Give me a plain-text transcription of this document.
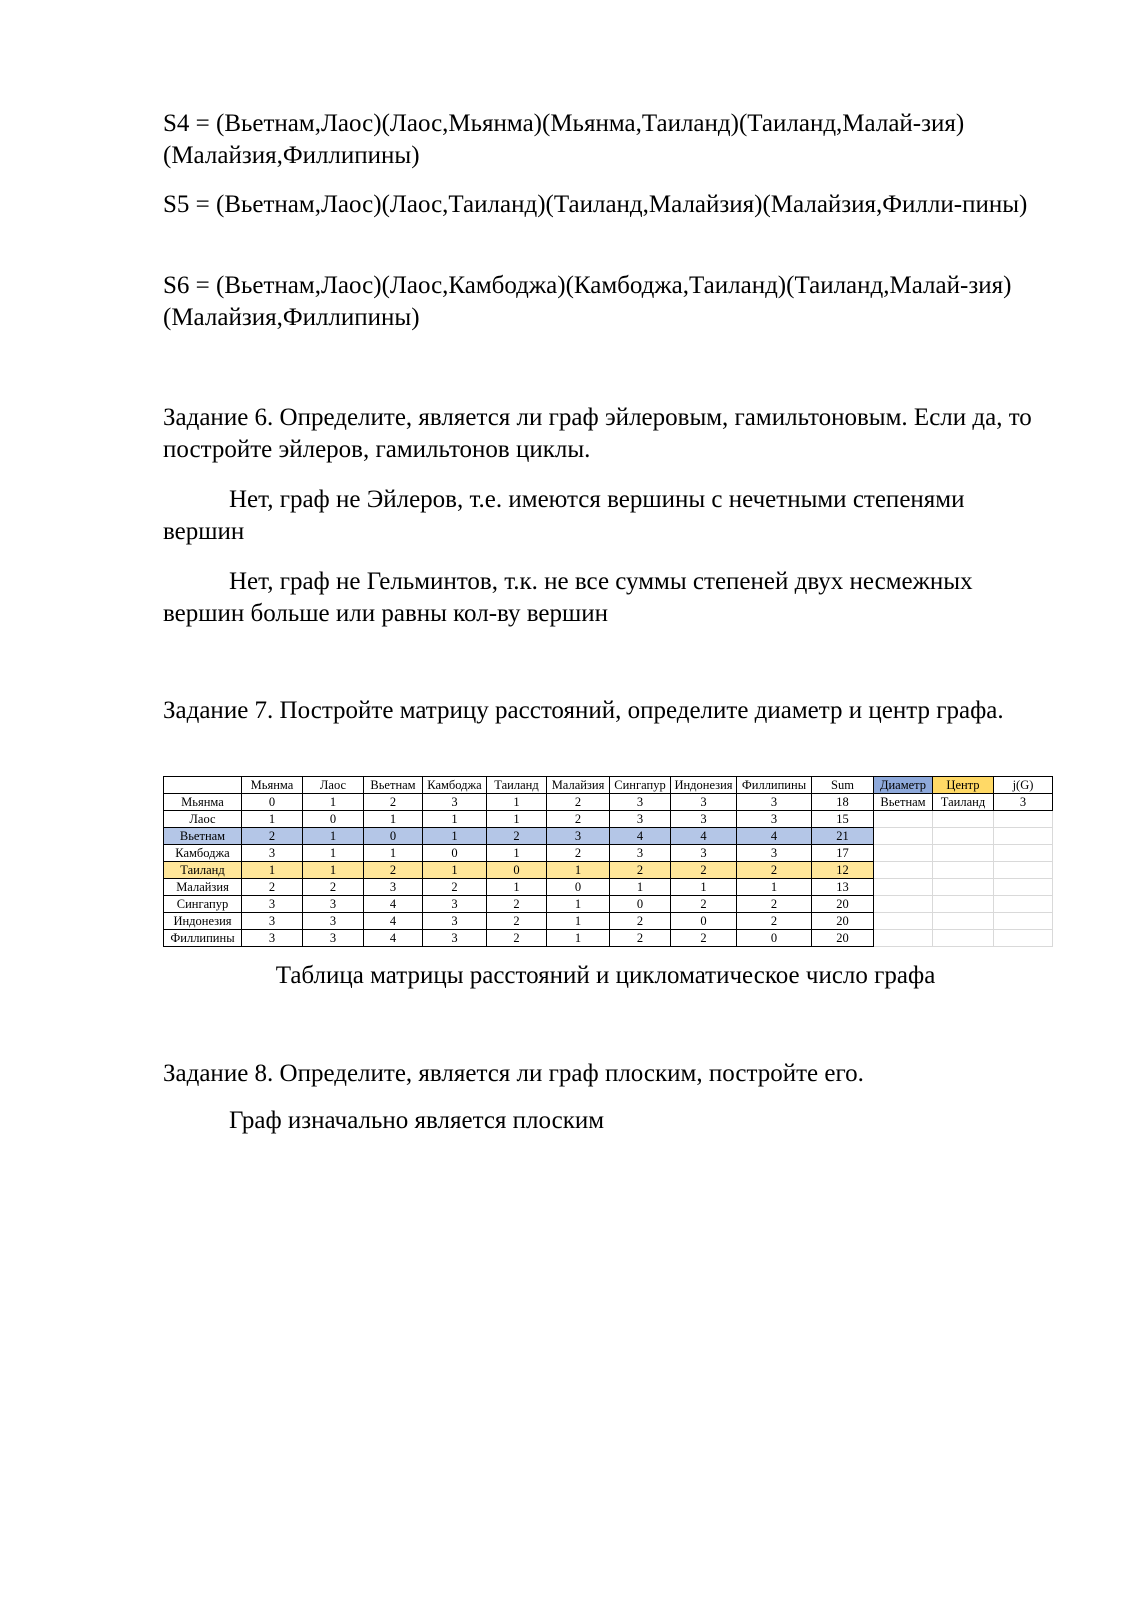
S4 = (Вьетнам,Лаос)(Лаос,Мьянма)(Мьянма,Таиланд)(Таиланд,Малай-зия)(Малайзия,Филлипины)

S5 = (Вьетнам,Лаос)(Лаос,Таиланд)(Таиланд,Малайзия)(Малайзия,Филли-пины)

S6 = (Вьетнам,Лаос)(Лаос,Камбоджа)(Камбоджа,Таиланд)(Таиланд,Малай-зия)(Малайзия,Филлипины)

Задание 6. Определите, является ли граф эйлеровым, гамильтоновым. Если да, то постройте эйлеров, гамильтонов циклы.

Нет, граф не Эйлеров, т.е. имеются вершины с нечетными степенями вершин

Нет, граф не Гельминтов, т.к. не все суммы степеней двух несмежных вершин больше или равны кол-ву вершин

Задание 7. Постройте матрицу расстояний, определите диаметр и центр графа.

	Мьянма	Лаос	Вьетнам	Камбоджа	Таиланд	Малайзия	Сингапур	Индонезия	Филлипины	Sum	Диаметр	Центр	j(G)
Мьянма	0	1	2	3	1	2	3	3	3	18	Вьетнам	Таиланд	3
Лаос	1	0	1	1	1	2	3	3	3	15			
Вьетнам	2	1	0	1	2	3	4	4	4	21			
Камбоджа	3	1	1	0	1	2	3	3	3	17			
Таиланд	1	1	2	1	0	1	2	2	2	12			
Малайзия	2	2	3	2	1	0	1	1	1	13			
Сингапур	3	3	4	3	2	1	0	2	2	20			
Индонезия	3	3	4	3	2	1	2	0	2	20			
Филлипины	3	3	4	3	2	1	2	2	0	20			

Таблица матрицы расстояний и цикломатическое число графа

Задание 8. Определите, является ли граф плоским, постройте его.

Граф изначально является плоским
